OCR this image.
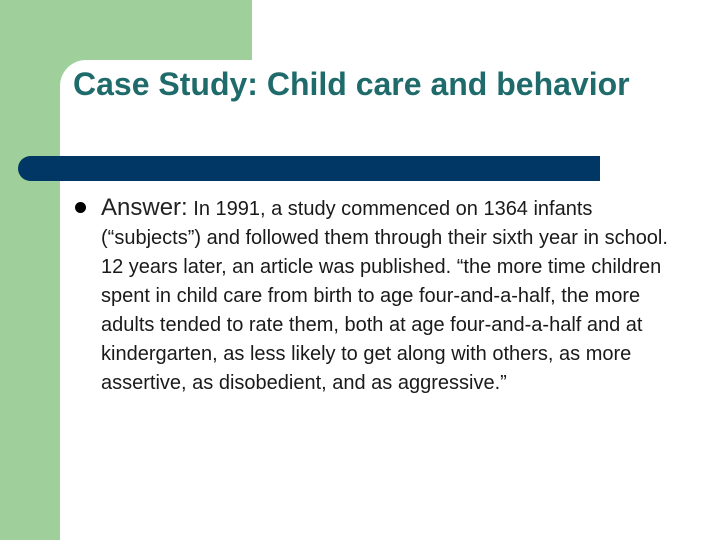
Case Study: Child care and behavior

Answer: In 1991, a study commenced on 1364 infants (“subjects”) and followed them through their sixth year in school. 12 years later, an article was published. “the more time children spent in child care from birth to age four-and-a-half, the more adults tended to rate them, both at age four-and-a-half and at kindergarten, as less likely to get along with others, as more assertive, as disobedient, and as aggressive.”
